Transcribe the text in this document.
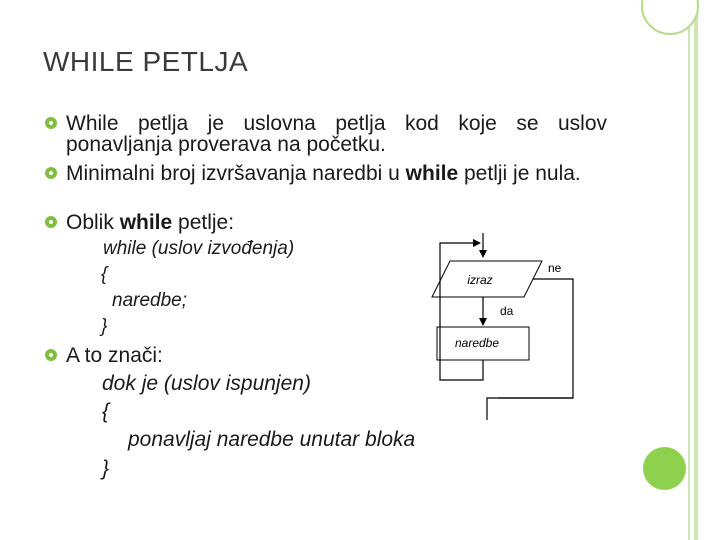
WHILE PETLJA
While petlja je uslovna petlja kod koje se uslov ponavljanja proverava na početku.
Minimalni broj izvršavanja naredbi u while petlji je nula.
Oblik while petlje:
while (uslov izvođenja)
{
naredbe;
}
A to znači:
dok je (uslov ispunjen)
{
ponavljaj naredbe unutar bloka
}
izraz
ne
da
naredbe
